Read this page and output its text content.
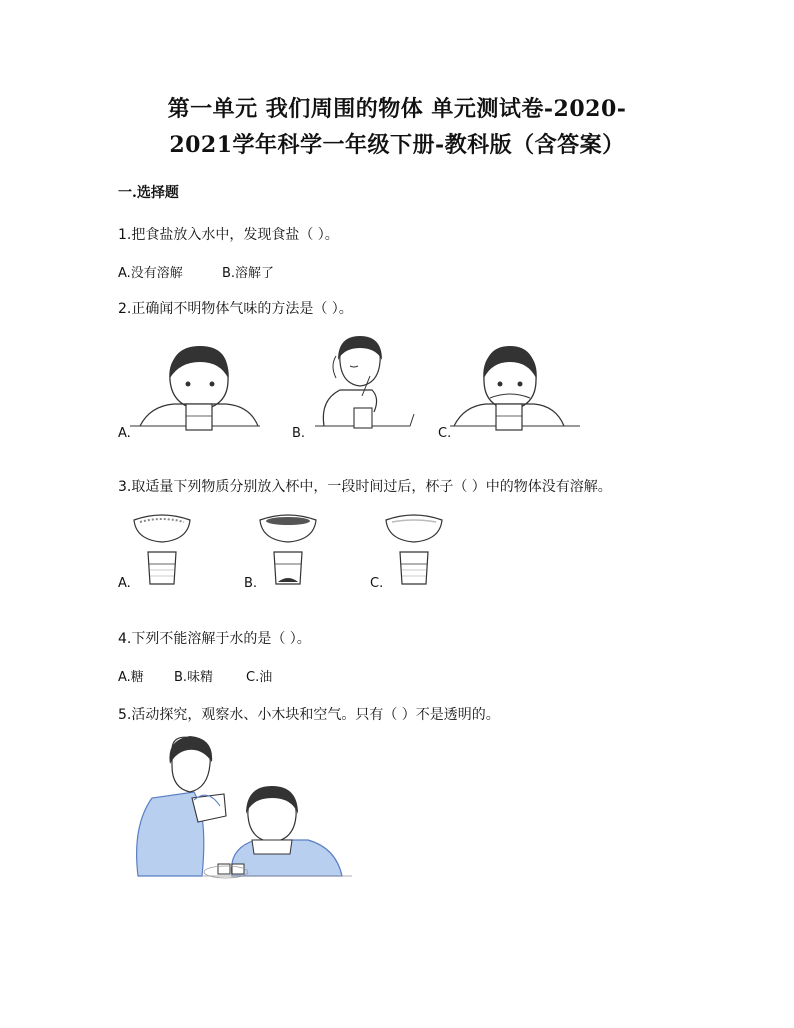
第一单元 我们周围的物体 单元测试卷-2020-
2021学年科学一年级下册-教科版（含答案）
一.选择题
1.把食盐放入水中，发现食盐（ ）。
A.没有溶解	B.溶解了
2.正确闻不明物体气味的方法是（ ）。
A.	B.	C.
3.取适量下列物质分别放入杯中，一段时间过后，杯子（ ）中的物体没有溶解。
A.	B.	C.
4.下列不能溶解于水的是（ ）。
A.糖 B.味精	C.油
5.活动探究，观察水、小木块和空气。只有（ ）不是透明的。
